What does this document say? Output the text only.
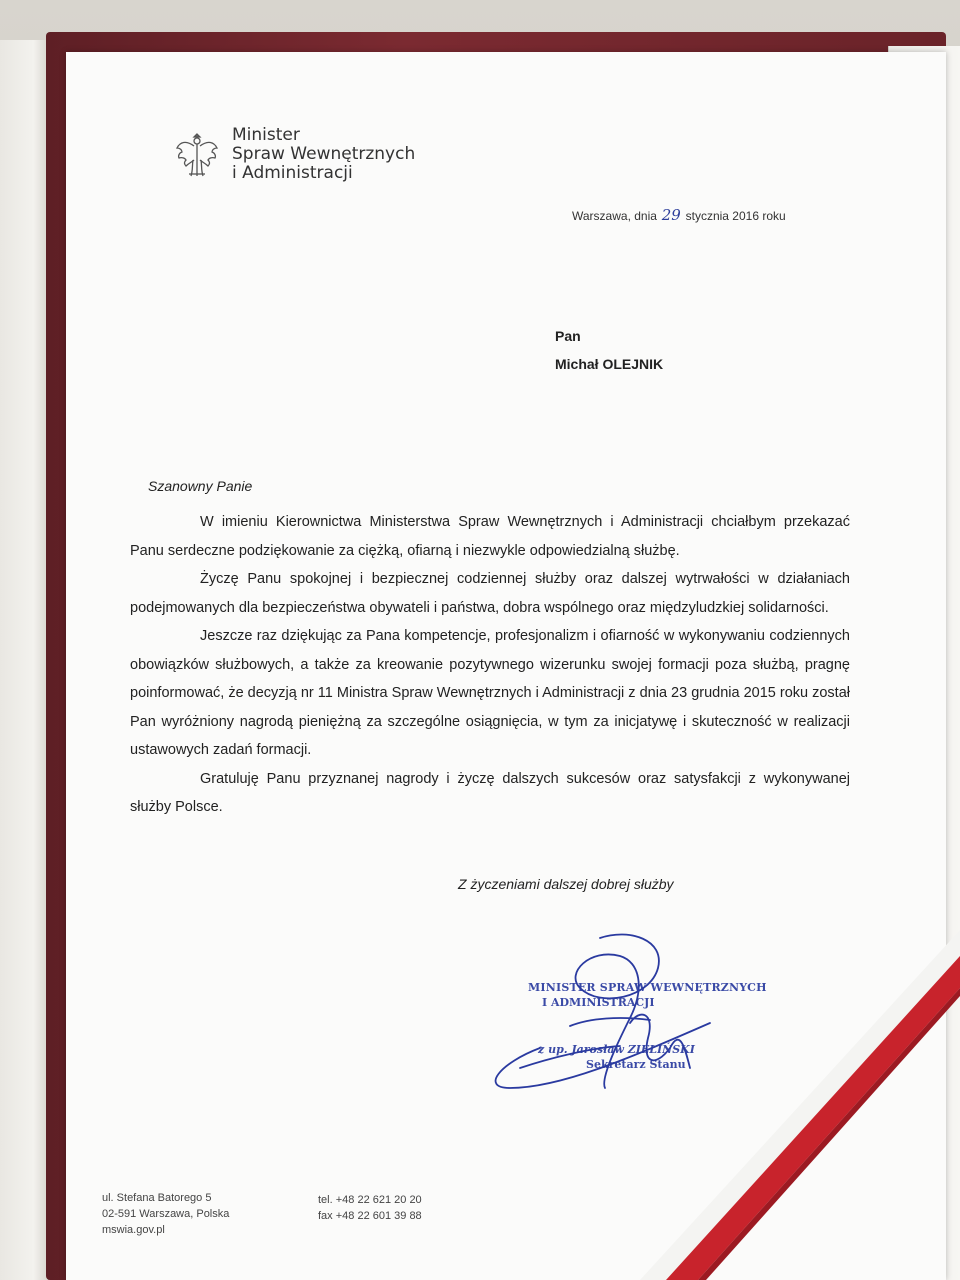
Minister
Spraw Wewnętrznych
i Administracji
Warszawa, dnia 29 stycznia 2016 roku
Pan
Michał OLEJNIK
Szanowny Panie

W imieniu Kierownictwa Ministerstwa Spraw Wewnętrznych i Administracji chciałbym przekazać Panu serdeczne podziękowanie za ciężką, ofiarną i niezwykle odpowiedzialną służbę.

Życzę Panu spokojnej i bezpiecznej codziennej służby oraz dalszej wytrwałości w działaniach podejmowanych dla bezpieczeństwa obywateli i państwa, dobra wspólnego oraz międzyludzkiej solidarności.

Jeszcze raz dziękując za Pana kompetencje, profesjonalizm i ofiarność w wykonywaniu codziennych obowiązków służbowych, a także za kreowanie pozytywnego wizerunku swojej formacji poza służbą, pragnę poinformować, że decyzją nr 11 Ministra Spraw Wewnętrznych i Administracji z dnia 23 grudnia 2015 roku został Pan wyróżniony nagrodą pieniężną za szczególne osiągnięcia, w tym za inicjatywę i skuteczność w realizacji ustawowych zadań formacji.

Gratuluję Panu przyznanej nagrody i życzę dalszych sukcesów oraz satysfakcji z wykonywanej służby Polsce.

Z życzeniami dalszej dobrej służby
MINISTER SPRAW WEWNĘTRZNYCH
I ADMINISTRACJI
z up. Jarosław ZIELIŃSKI
Sekretarz Stanu
ul. Stefana Batorego 5
02-591 Warszawa, Polska
mswia.gov.pl
tel. +48 22 621 20 20
fax +48 22 601 39 88
